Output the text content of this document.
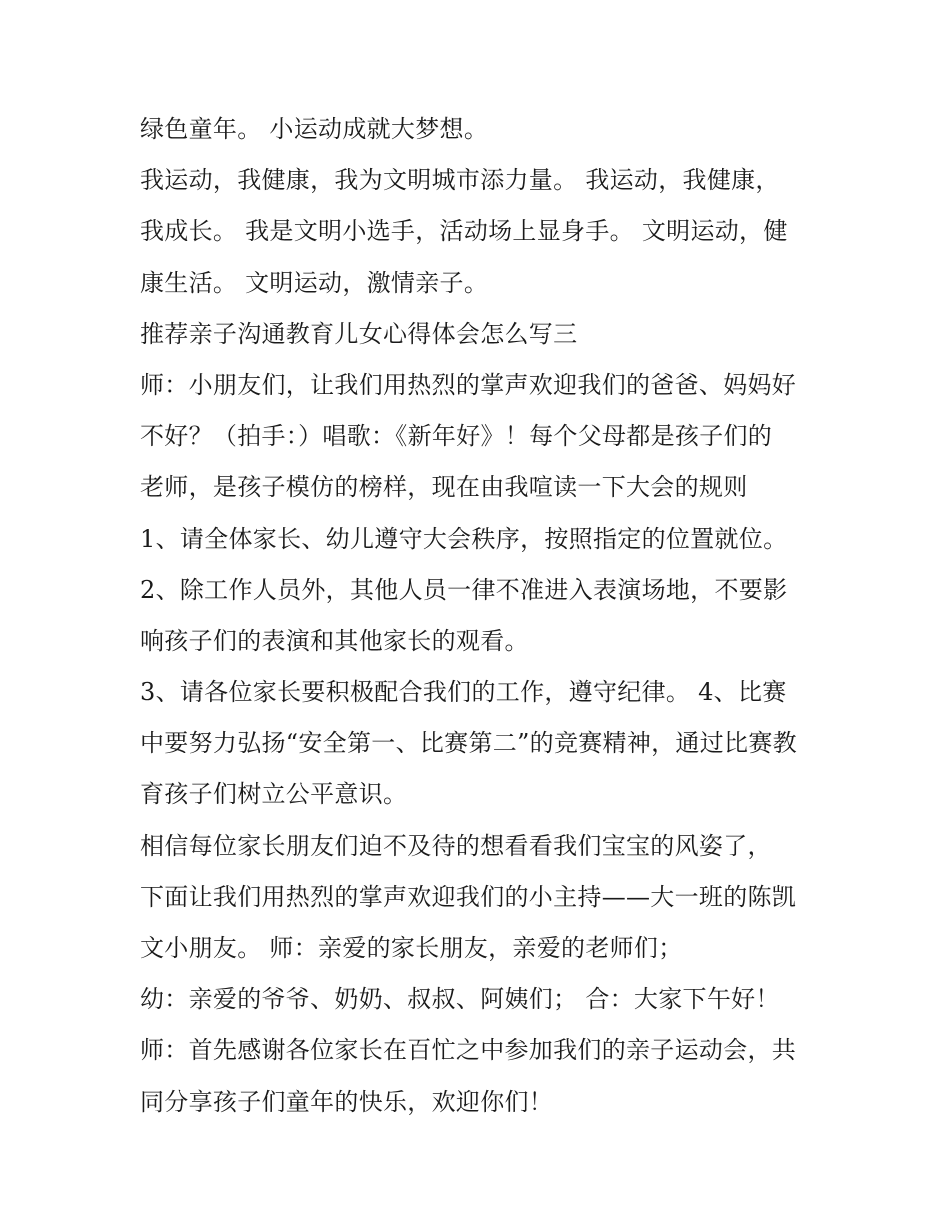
绿色童年。 小运动成就大梦想。
我运动，我健康，我为文明城市添力量。 我运动，我健康，
我成长。 我是文明小选手，活动场上显身手。 文明运动，健
康生活。 文明运动，激情亲子。
推荐亲子沟通教育儿女心得体会怎么写三
师：小朋友们，让我们用热烈的掌声欢迎我们的爸爸、妈妈好
不好？（拍手：）唱歌：《新年好》！每个父母都是孩子们的
老师，是孩子模仿的榜样，现在由我喧读一下大会的规则
1、请全体家长、幼儿遵守大会秩序，按照指定的位置就位。
2、除工作人员外，其他人员一律不准进入表演场地，不要影
响孩子们的表演和其他家长的观看。
3、请各位家长要积极配合我们的工作，遵守纪律。 4、比赛
中要努力弘扬“安全第一、比赛第二”的竞赛精神，通过比赛教
育孩子们树立公平意识。
相信每位家长朋友们迫不及待的想看看我们宝宝的风姿了，
下面让我们用热烈的掌声欢迎我们的小主持——大一班的陈凯
文小朋友。 师：亲爱的家长朋友，亲爱的老师们；
幼：亲爱的爷爷、奶奶、叔叔、阿姨们； 合：大家下午好！
师：首先感谢各位家长在百忙之中参加我们的亲子运动会，共
同分享孩子们童年的快乐，欢迎你们！
